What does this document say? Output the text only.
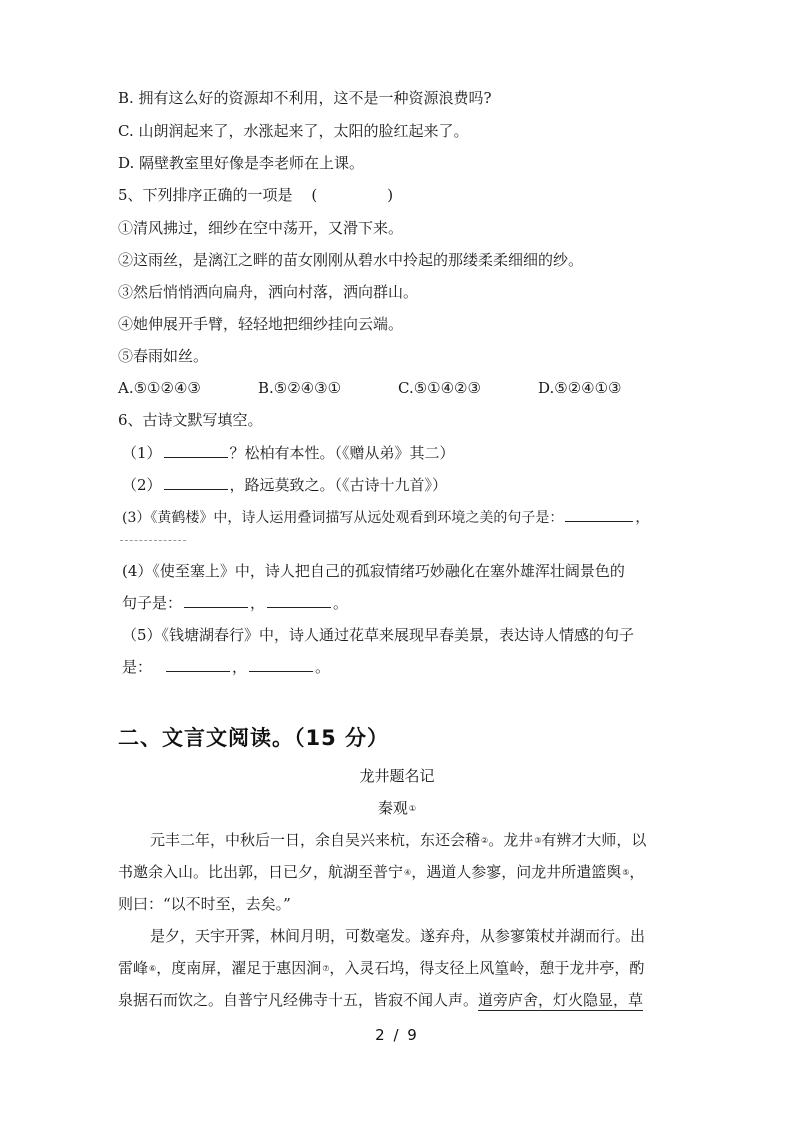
B. 拥有这么好的资源却不利用，这不是一种资源浪费吗?
C. 山朗润起来了，水涨起来了，太阳的脸红起来了。
D. 隔壁教室里好像是李老师在上课。
5、下列排序正确的一项是 (	)
①清风拂过，细纱在空中荡开，又滑下来。
②这雨丝，是漓江之畔的苗女刚刚从碧水中拎起的那缕柔柔细细的纱。
③然后悄悄洒向扁舟，洒向村落，洒向群山。
④她伸展开手臂，轻轻地把细纱挂向云端。
⑤春雨如丝。
A.⑤①②④③	B.⑤②④③①	C.⑤①④②③	D.⑤②④①③
6、古诗文默写填空。
（1）	？松柏有本性。（《赠从弟》其二）
（2）	，路远莫致之。（《古诗十九首》）
(3）《黄鹤楼》中，诗人运用叠词描写从远处观看到环境之美的句子是：	，
(4）《使至塞上》中，诗人把自己的孤寂情绪巧妙融化在塞外雄浑壮阔景色的
句子是：	，	。
（5）《钱塘湖春行》中，诗人通过花草来展现早春美景，表达诗人情感的句子
是：	，	。
二、文言文阅读。（15 分）
龙井题名记
秦观①
元丰二年，中秋后一日，余自吴兴来杭，东还会稽②。龙井③有辨才大师，以
书邀余入山。比出郭，日已夕，航湖至普宁④，遇道人参寥，问龙井所遣篮舆⑤，
则曰：“以不时至，去矣。”
是夕，天宇开霁，林间月明，可数毫发。遂弃舟，从参寥策杖并湖而行。出
雷峰⑥，度南屏，濯足于惠因涧⑦，入灵石坞，得支径上风篁岭，憩于龙井亭，酌
泉据石而饮之。自普宁凡经佛寺十五，皆寂不闻人声。道旁庐舍，灯火隐显，草
2 / 9
